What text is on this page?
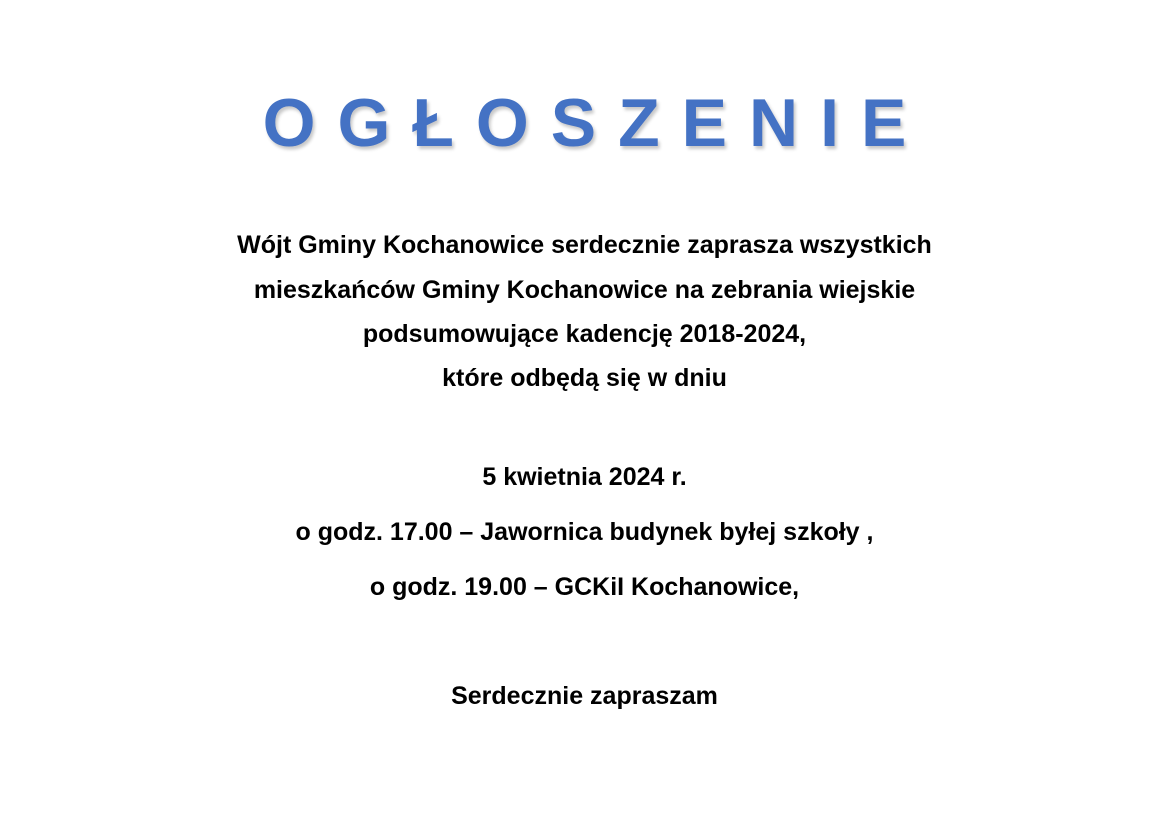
OGŁOSZENIE
Wójt Gminy Kochanowice serdecznie zaprasza wszystkich
mieszkańców Gminy Kochanowice na zebrania wiejskie
podsumowujące kadencję 2018-2024,
które odbędą się w dniu
5 kwietnia 2024 r.
o godz. 17.00 – Jawornica budynek byłej szkoły ,
o godz. 19.00 – GCKiI Kochanowice,
Serdecznie zapraszam
